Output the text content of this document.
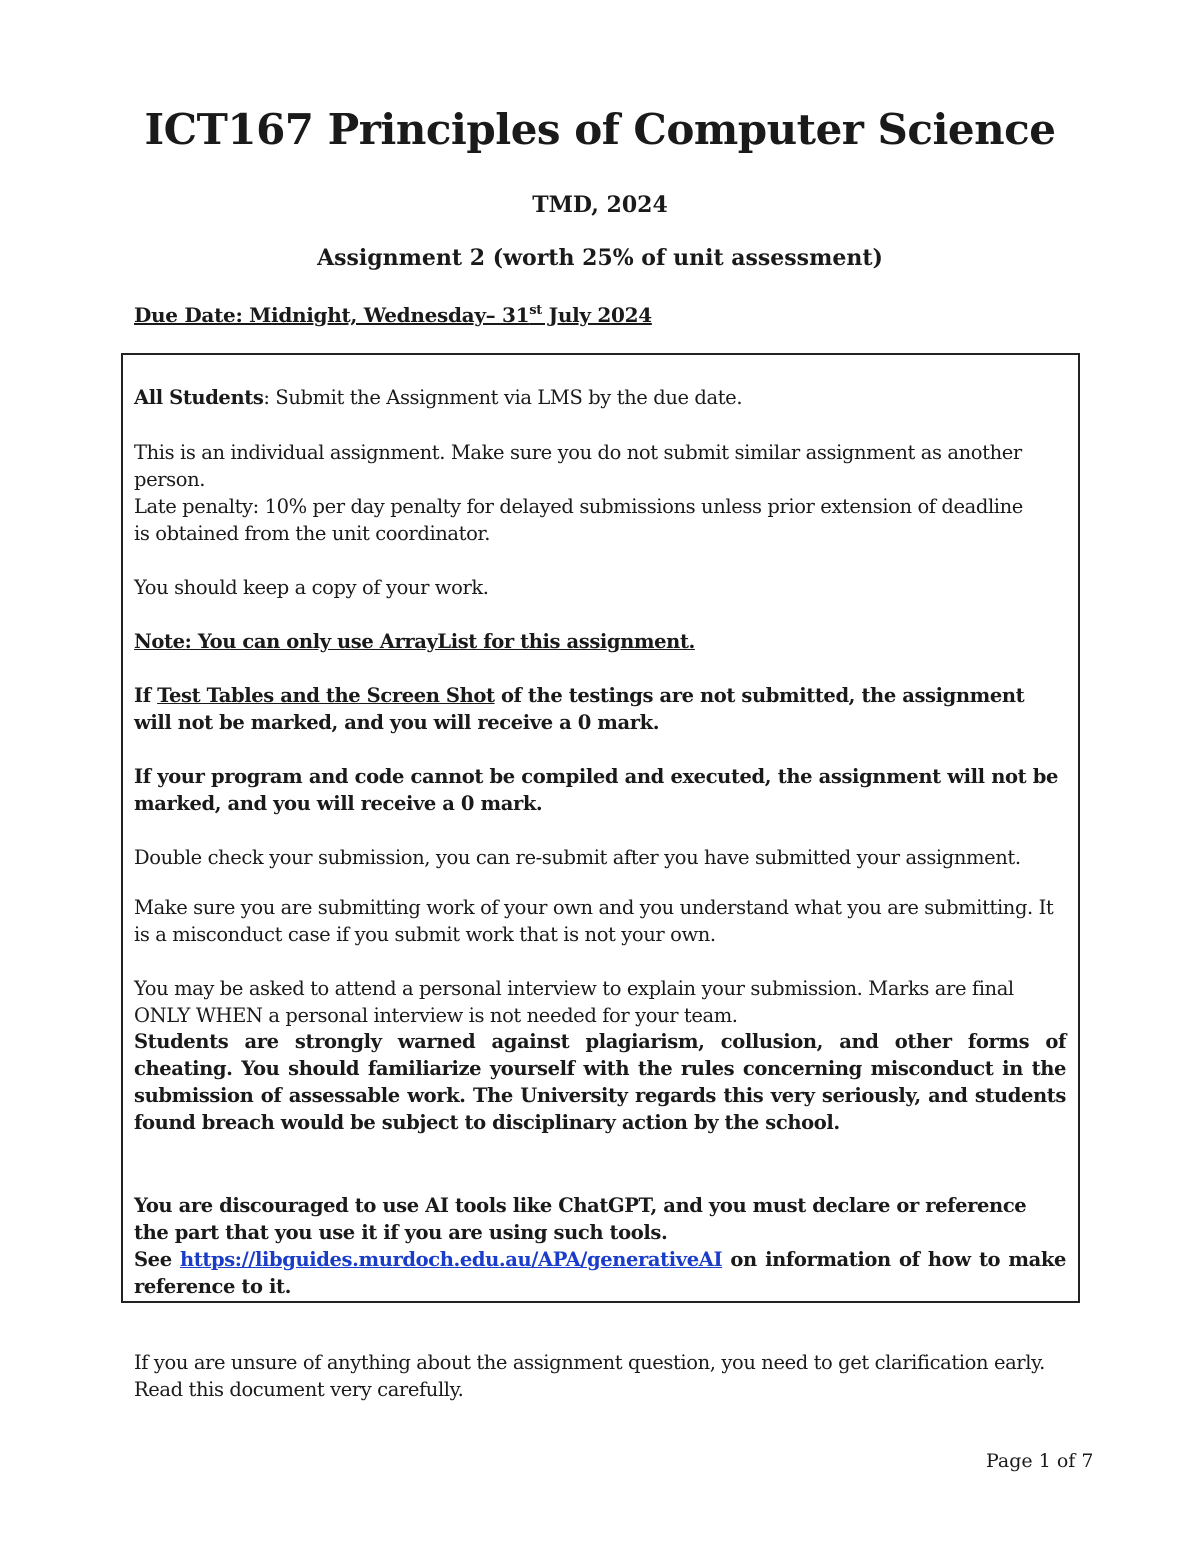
ICT167 Principles of Computer Science
TMD, 2024
Assignment 2 (worth 25% of unit assessment)
Due Date: Midnight, Wednesday– 31st July 2024
All Students: Submit the Assignment via LMS by the due date.
This is an individual assignment. Make sure you do not submit similar assignment as another person.
Late penalty: 10% per day penalty for delayed submissions unless prior extension of deadline is obtained from the unit coordinator.
You should keep a copy of your work.
Note: You can only use ArrayList for this assignment.
If Test Tables and the Screen Shot of the testings are not submitted, the assignment will not be marked, and you will receive a 0 mark.
If your program and code cannot be compiled and executed, the assignment will not be marked, and you will receive a 0 mark.
Double check your submission, you can re-submit after you have submitted your assignment.
Make sure you are submitting work of your own and you understand what you are submitting. It is a misconduct case if you submit work that is not your own.
You may be asked to attend a personal interview to explain your submission. Marks are final ONLY WHEN a personal interview is not needed for your team.
Students are strongly warned against plagiarism, collusion, and other forms of cheating. You should familiarize yourself with the rules concerning misconduct in the submission of assessable work. The University regards this very seriously, and students found breach would be subject to disciplinary action by the school.
You are discouraged to use AI tools like ChatGPT, and you must declare or reference the part that you use it if you are using such tools.
See https://libguides.murdoch.edu.au/APA/generativeAI on information of how to make reference to it.
If you are unsure of anything about the assignment question, you need to get clarification early.
Read this document very carefully.
Page 1 of 7
